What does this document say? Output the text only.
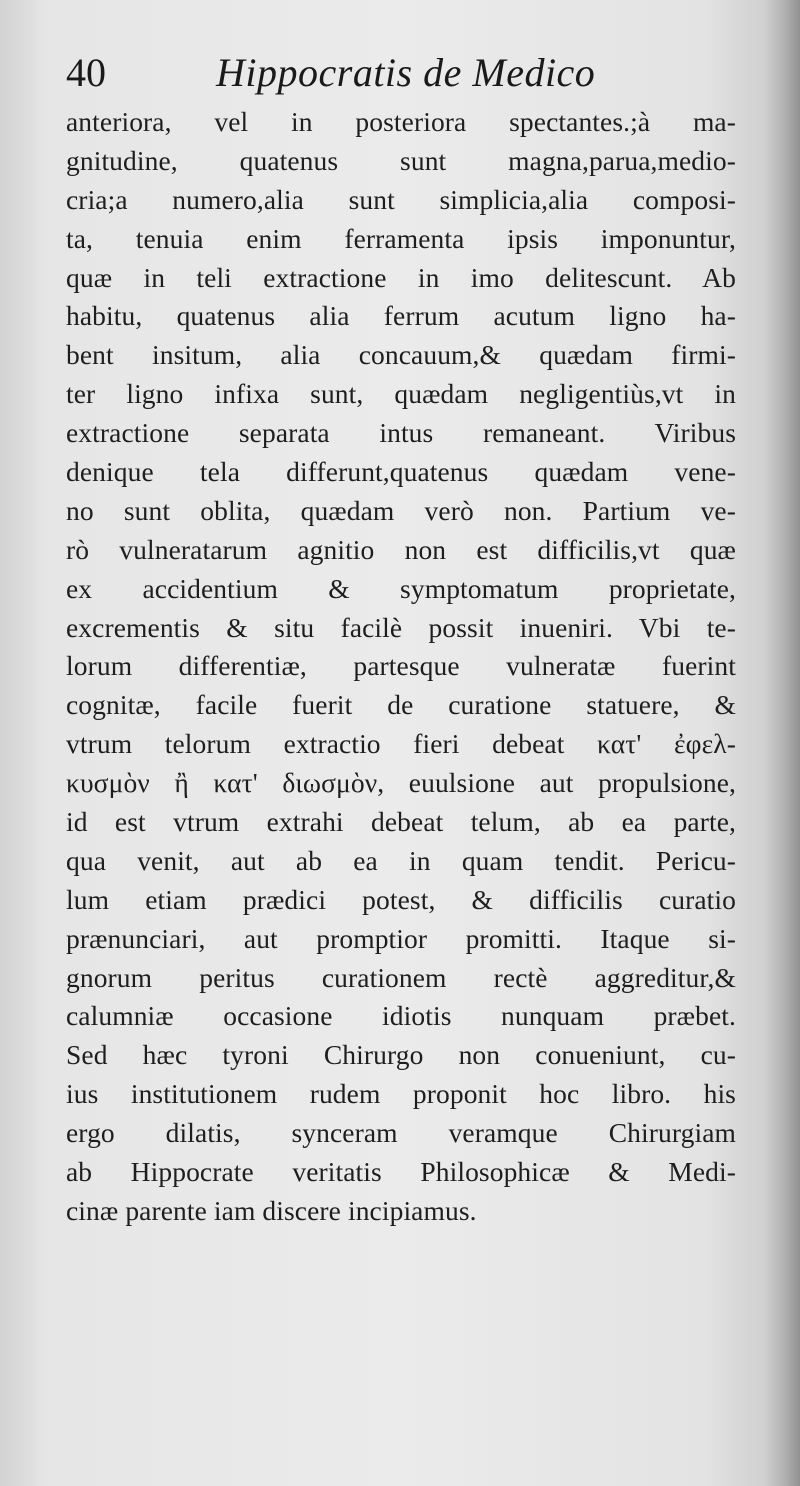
40	Hippocratis de Medico
anteriora, vel in posteriora spectantes.;à ma-
gnitudine, quatenus sunt magna,parua,medio-
cria;a numero,alia sunt simplicia,alia composi-
ta, tenuia enim ferramenta ipsis imponuntur,
quæ in teli extractione in imo delitescunt. Ab
habitu, quatenus alia ferrum acutum ligno ha-
bent insitum, alia concauum,& quædam firmi-
ter ligno infixa sunt, quædam negligentiùs,vt in
extractione separata intus remaneant. Viribus
denique tela differunt,quatenus quædam vene-
no sunt oblita, quædam verò non. Partium ve-
rò vulneratarum agnitio non est difficilis,vt quæ
ex accidentium & symptomatum proprietate,
excrementis & situ facilè possit inueniri. Vbi te-
lorum differentiæ, partesque vulneratæ fuerint
cognitæ, facile fuerit de curatione statuere, &
vtrum telorum extractio fieri debeat κατ' ἐφελ-
κυσμὸν ἢ κατ' διωσμὸν, euulsione aut propulsione,
id est vtrum extrahi debeat telum, ab ea parte,
qua venit, aut ab ea in quam tendit. Pericu-
lum etiam prædici potest, & difficilis curatio
prænunciari, aut promptior promitti. Itaque si-
gnorum peritus curationem rectè aggreditur,&
calumniæ occasione idiotis nunquam præbet.
Sed hæc tyroni Chirurgo non conueniunt, cu-
ius institutionem rudem proponit hoc libro. his
ergo dilatis, synceram veramque Chirurgiam
ab Hippocrate veritatis Philosophicæ & Medi-
cinæ parente iam discere incipiamus.
